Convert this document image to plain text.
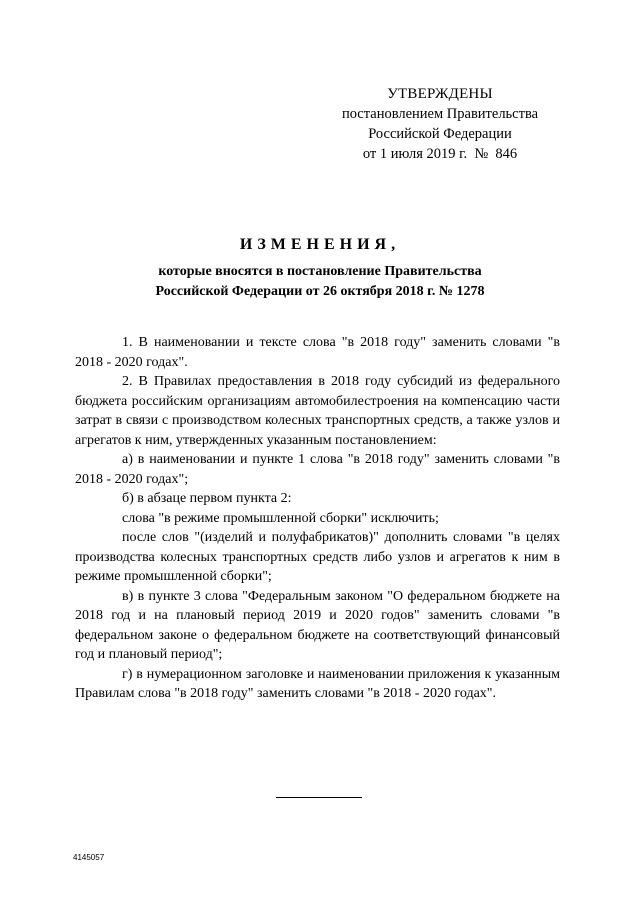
УТВЕРЖДЕНЫ
постановлением Правительства
Российской Федерации
от 1 июля 2019 г.  №  846
ИЗМЕНЕНИЯ,
которые вносятся в постановление Правительства
Российской Федерации от 26 октября 2018 г. № 1278

1. В наименовании и тексте слова "в 2018 году" заменить словами "в 2018 - 2020 годах".

2. В Правилах предоставления в 2018 году субсидий из федерального бюджета российским организациям автомобилестроения на компенсацию части затрат в связи с производством колесных транспортных средств, а также узлов и агрегатов к ним, утвержденных указанным постановлением:

а) в наименовании и пункте 1 слова "в 2018 году" заменить словами "в 2018 - 2020 годах";

б) в абзаце первом пункта 2:

слова "в режиме промышленной сборки" исключить;

после слов "(изделий и полуфабрикатов)" дополнить словами "в целях производства колесных транспортных средств либо узлов и агрегатов к ним в режиме промышленной сборки";

в) в пункте 3 слова "Федеральным законом "О федеральном бюджете на 2018 год и на плановый период 2019 и 2020 годов" заменить словами "в федеральном законе о федеральном бюджете на соответствующий финансовый год и плановый период";

г) в нумерационном заголовке и наименовании приложения к указанным Правилам слова "в 2018 году" заменить словами "в 2018 - 2020 годах".

4145057
